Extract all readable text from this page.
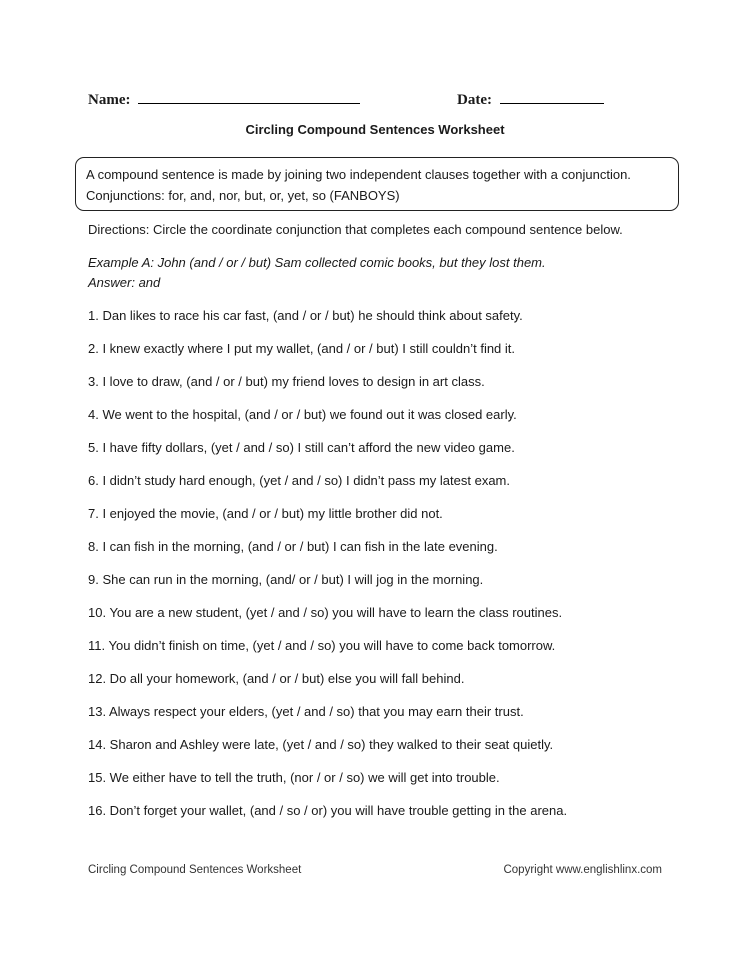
Name:	Date:
Circling Compound Sentences Worksheet
A compound sentence is made by joining two independent clauses together with a conjunction.
Conjunctions: for, and, nor, but, or, yet, so (FANBOYS)
Directions: Circle the coordinate conjunction that completes each compound sentence below.
Example A: John (and / or / but) Sam collected comic books, but they lost them.
Answer: and
1. Dan likes to race his car fast, (and / or / but) he should think about safety.
2. I knew exactly where I put my wallet, (and / or / but) I still couldn’t find it.
3. I love to draw, (and / or / but) my friend loves to design in art class.
4. We went to the hospital, (and / or / but) we found out it was closed early.
5. I have fifty dollars, (yet / and / so) I still can’t afford the new video game.
6. I didn’t study hard enough, (yet / and / so) I didn’t pass my latest exam.
7. I enjoyed the movie, (and / or / but) my little brother did not.
8. I can fish in the morning, (and / or / but) I can fish in the late evening.
9. She can run in the morning, (and/ or / but) I will jog in the morning.
10. You are a new student, (yet / and / so) you will have to learn the class routines.
11. You didn’t finish on time, (yet / and / so) you will have to come back tomorrow.
12. Do all your homework, (and / or / but) else you will fall behind.
13. Always respect your elders, (yet / and / so) that you may earn their trust.
14. Sharon and Ashley were late, (yet / and / so) they walked to their seat quietly.
15. We either have to tell the truth, (nor / or / so) we will get into trouble.
16. Don’t forget your wallet, (and / so / or) you will have trouble getting in the arena.
Circling Compound Sentences Worksheet	Copyright www.englishlinx.com
